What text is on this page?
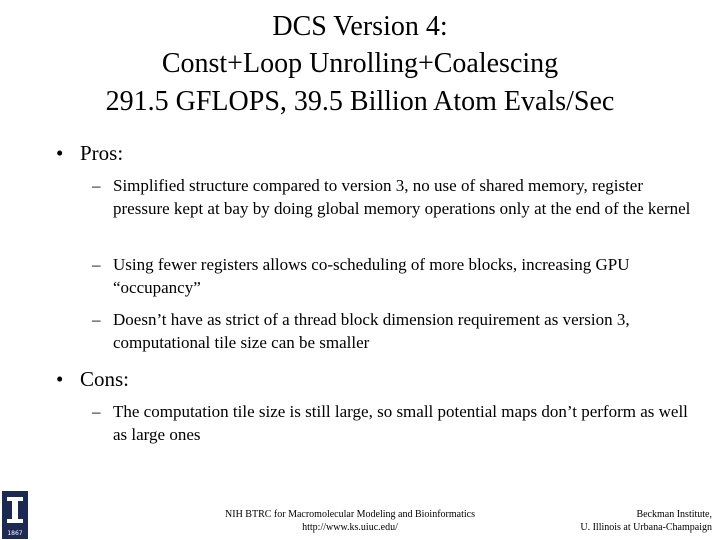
DCS Version 4:
Const+Loop Unrolling+Coalescing
291.5 GFLOPS, 39.5 Billion Atom Evals/Sec
• Pros:
– Simplified structure compared to version 3, no use of shared memory, register pressure kept at bay by doing global memory operations only at the end of the kernel
– Using fewer registers allows co-scheduling of more blocks, increasing GPU “occupancy”
– Doesn’t have as strict of a thread block dimension requirement as version 3, computational tile size can be smaller
• Cons:
– The computation tile size is still large, so small potential maps don’t perform as well as large ones
1867
NIH BTRC for Macromolecular Modeling and Bioinformatics
http://www.ks.uiuc.edu/
Beckman Institute,
U. Illinois at Urbana-Champaign
